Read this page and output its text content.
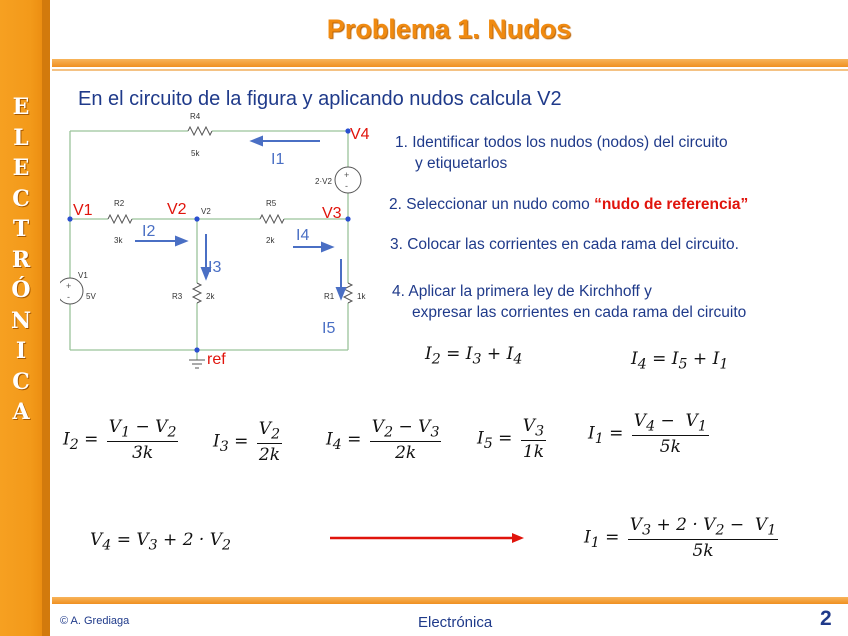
E
L
E
C
T
R
Ó
N
I
C
A
Problema 1. Nudos
En el circuito de la figura y aplicando nudos calcula V2
+
-
+
-
R4
5k
R2
3k
R5
2k
R3	2k	R1	1k
V1
5V
2·V2
V2
V1	V2	V3
V4
ref
I1
I2
I3
I4
I5
1. Identificar todos los nudos (nodos) del circuito
y etiquetarlos
2. Seleccionar un nudo como “nudo de referencia”
3. Colocar las corrientes en cada rama del circuito.
4. Aplicar la primera ley de Kirchhoff y
expresar las corrientes en cada rama del circuito
$I_2 = I_3 + I_4$	$I_4 = I_5 + I_1$
$I_2 = \frac{V_1 - V_2}{3k} I_3 = \frac{V_2}{2k}$	$I_4 = \frac{V_2 - V_3}{2k} I_5 = \frac{V_3}{1k} I_1 = \frac{V_4 - V_1}{5k}$
$V_4 = V_3 + 2 \cdot V_2$	$I_1 = \frac{V_3 + 2 \cdot V_2 - V_1}{5k}$
© A. Grediaga	Electrónica	2
